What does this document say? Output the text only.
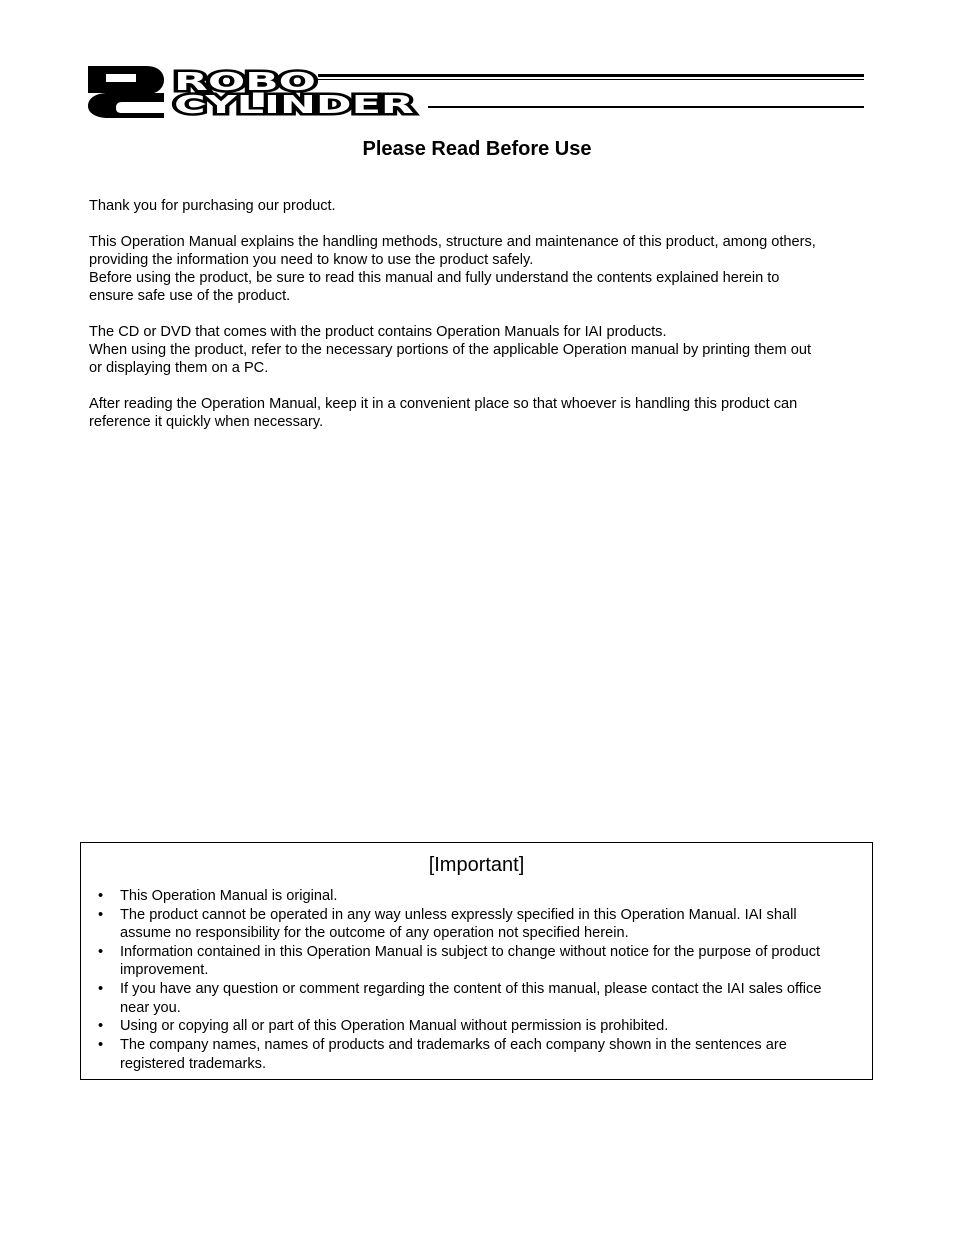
ROBO
CYLINDER
Please Read Before Use

Thank you for purchasing our product.

This Operation Manual explains the handling methods, structure and maintenance of this product, among others,
providing the information you need to know to use the product safely.
Before using the product, be sure to read this manual and fully understand the contents explained herein to
ensure safe use of the product.

The CD or DVD that comes with the product contains Operation Manuals for IAI products.
When using the product, refer to the necessary portions of the applicable Operation manual by printing them out
or displaying them on a PC.

After reading the Operation Manual, keep it in a convenient place so that whoever is handling this product can
reference it quickly when necessary.

[Important]
• This Operation Manual is original.
• The product cannot be operated in any way unless expressly specified in this Operation Manual. IAI shall
assume no responsibility for the outcome of any operation not specified herein.
• Information contained in this Operation Manual is subject to change without notice for the purpose of product
improvement.
• If you have any question or comment regarding the content of this manual, please contact the IAI sales office
near you.
• Using or copying all or part of this Operation Manual without permission is prohibited.
• The company names, names of products and trademarks of each company shown in the sentences are
registered trademarks.
